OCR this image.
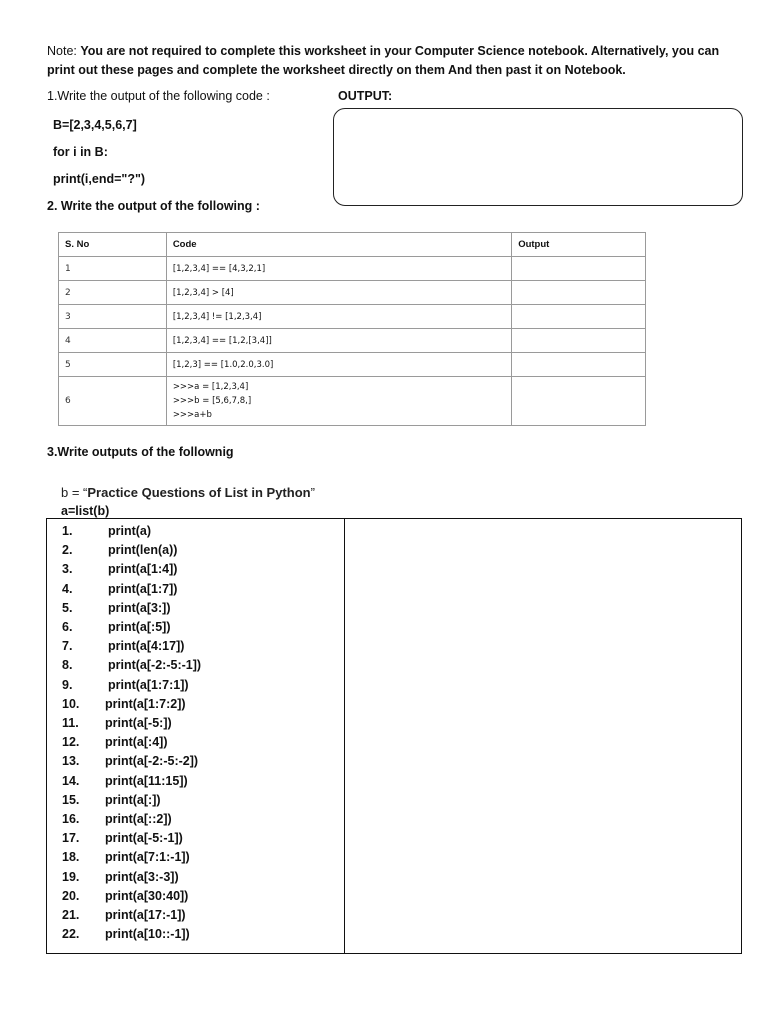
Note: You are not required to complete this worksheet in your Computer Science notebook. Alternatively, you can print out these pages and complete the worksheet directly on them And then past it on Notebook.
1.Write the output of the following code :	OUTPUT:
B=[2,3,4,5,6,7]
for i in B:
print(i,end="?")
2. Write the output of the following :
S. No	Code	Output
1	[1,2,3,4] == [4,3,2,1]	
2	[1,2,3,4] > [4]	
3	[1,2,3,4] != [1,2,3,4]	
4	[1,2,3,4] == [1,2,[3,4]]	
5	[1,2,3] == [1.0,2.0,3.0]	
6	>>>a = [1,2,3,4]
>>>b = [5,6,7,8,]
>>>a+b	

3.Write outputs of the follownig
b = “Practice Questions of List in Python”
a=list(b)
1.	print(a)
2.	print(len(a))
3.	print(a[1:4])
4.	print(a[1:7])
5.	print(a[3:])
6.	print(a[:5])
7.	print(a[4:17])
8.	print(a[-2:-5:-1])
9.	print(a[1:7:1])
10. print(a[1:7:2])
11. print(a[-5:])
12. print(a[:4])
13. print(a[-2:-5:-2])
14. print(a[11:15])
15. print(a[:])
16. print(a[::2])
17. print(a[-5:-1])
18. print(a[7:1:-1])
19. print(a[3:-3])
20. print(a[30:40])
21. print(a[17:-1])
22. print(a[10::-1])
